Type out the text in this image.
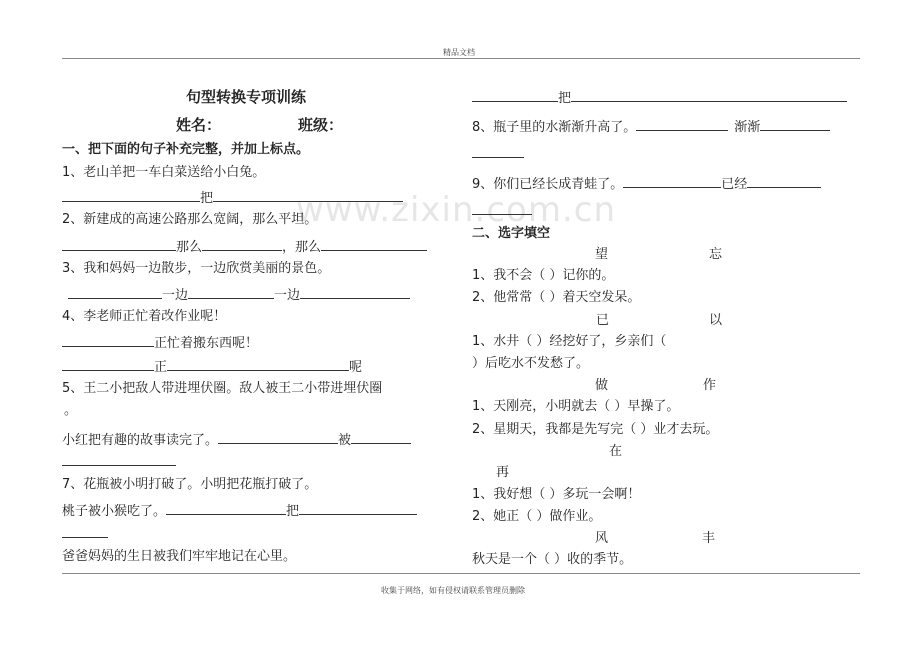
精品文档
www.zixin.com.cn
句型转换专项训练
姓名：	班级：
一、把下面的句子补充完整，并加上标点。
1、老山羊把一车白菜送给小白兔。
把
2、新建成的高速公路那么宽阔，那么平坦。
那么	，那么
3、我和妈妈一边散步，一边欣赏美丽的景色。
一边	一边
4、李老师正忙着改作业呢！
正忙着搬东西呢！
正	呢
5、王二小把敌人带进埋伏圈。敌人被王二小带进埋伏圈
。
小红把有趣的故事读完了。	被
7、花瓶被小明打破了。小明把花瓶打破了。
桃子被小猴吃了。	把
爸爸妈妈的生日被我们牢牢地记在心里。
把
8、瓶子里的水渐渐升高了。	渐渐
9、你们已经长成青蛙了。	已经
二、选字填空
望	忘
1、我不会（ ）记你的。
2、他常常（ ）着天空发呆。
已	以
1、水井（ ）经挖好了，乡亲们（
）后吃水不发愁了。
做	作
1、天刚亮，小明就去（ ）早操了。
2、星期天，我都是先写完（ ）业才去玩。
在
再
1、我好想（ ）多玩一会啊！
2、她正（ ）做作业。
风	丰
秋天是一个（ ）收的季节。
收集于网络，如有侵权请联系管理员删除
